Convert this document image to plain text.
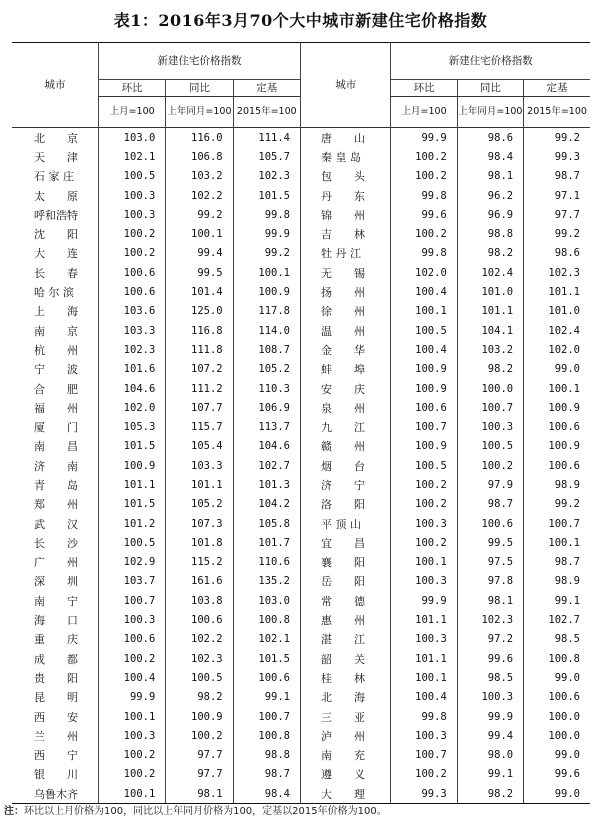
表1：2016年3月70个大中城市新建住宅价格指数
城市	新建住宅价格指数			城市	新建住宅价格指数		
	环比	同比	定基		环比	同比	定基
	上月=100	上年同月=100	2015年=100		上月=100	上年同月=100	2015年=100
北　　京	103.0	116.0	111.4	唐　　山	99.9	98.6	99.2
天　　津	102.1	106.8	105.7	秦 皇 岛	100.2	98.4	99.3
石 家 庄	100.5	103.2	102.3	包　　头	100.2	98.1	98.7
太　　原	100.3	102.2	101.5	丹　　东	99.8	96.2	97.1
呼和浩特	100.3	99.2	99.8	锦　　州	99.6	96.9	97.7
沈　　阳	100.2	100.1	99.9	吉　　林	100.2	98.8	99.2
大　　连	100.2	99.4	99.2	牡 丹 江	99.8	98.2	98.6
长　　春	100.6	99.5	100.1	无　　锡	102.0	102.4	102.3
哈 尔 滨	100.6	101.4	100.9	扬　　州	100.4	101.0	101.1
上　　海	103.6	125.0	117.8	徐　　州	100.1	101.1	101.0
南　　京	103.3	116.8	114.0	温　　州	100.5	104.1	102.4
杭　　州	102.3	111.8	108.7	金　　华	100.4	103.2	102.0
宁　　波	101.6	107.2	105.2	蚌　　埠	100.9	98.2	99.0
合　　肥	104.6	111.2	110.3	安　　庆	100.9	100.0	100.1
福　　州	102.0	107.7	106.9	泉　　州	100.6	100.7	100.9
厦　　门	105.3	115.7	113.7	九　　江	100.7	100.3	100.6
南　　昌	101.5	105.4	104.6	赣　　州	100.9	100.5	100.9
济　　南	100.9	103.3	102.7	烟　　台	100.5	100.2	100.6
青　　岛	101.1	101.1	101.3	济　　宁	100.2	97.9	98.9
郑　　州	101.5	105.2	104.2	洛　　阳	100.2	98.7	99.2
武　　汉	101.2	107.3	105.8	平 顶 山	100.3	100.6	100.7
长　　沙	100.5	101.8	101.7	宜　　昌	100.2	99.5	100.1
广　　州	102.9	115.2	110.6	襄　　阳	100.1	97.5	98.7
深　　圳	103.7	161.6	135.2	岳　　阳	100.3	97.8	98.9
南　　宁	100.7	103.8	103.0	常　　德	99.9	98.1	99.1
海　　口	100.3	100.6	100.8	惠　　州	101.1	102.3	102.7
重　　庆	100.6	102.2	102.1	湛　　江	100.3	97.2	98.5
成　　都	100.2	102.3	101.5	韶　　关	101.1	99.6	100.8
贵　　阳	100.4	100.5	100.6	桂　　林	100.1	98.5	99.0
昆　　明	99.9	98.2	99.1	北　　海	100.4	100.3	100.6
西　　安	100.1	100.9	100.7	三　　亚	99.8	99.9	100.0
兰　　州	100.3	100.2	100.8	泸　　州	100.3	99.4	100.0
西　　宁	100.2	97.7	98.8	南　　充	100.7	98.0	99.0
银　　川	100.2	97.7	98.7	遵　　义	100.2	99.1	99.6
乌鲁木齐	100.1	98.1	98.4	大　　理	99.3	98.2	99.0
注：环比以上月价格为100，同比以上年同月价格为100，定基以2015年价格为100。
